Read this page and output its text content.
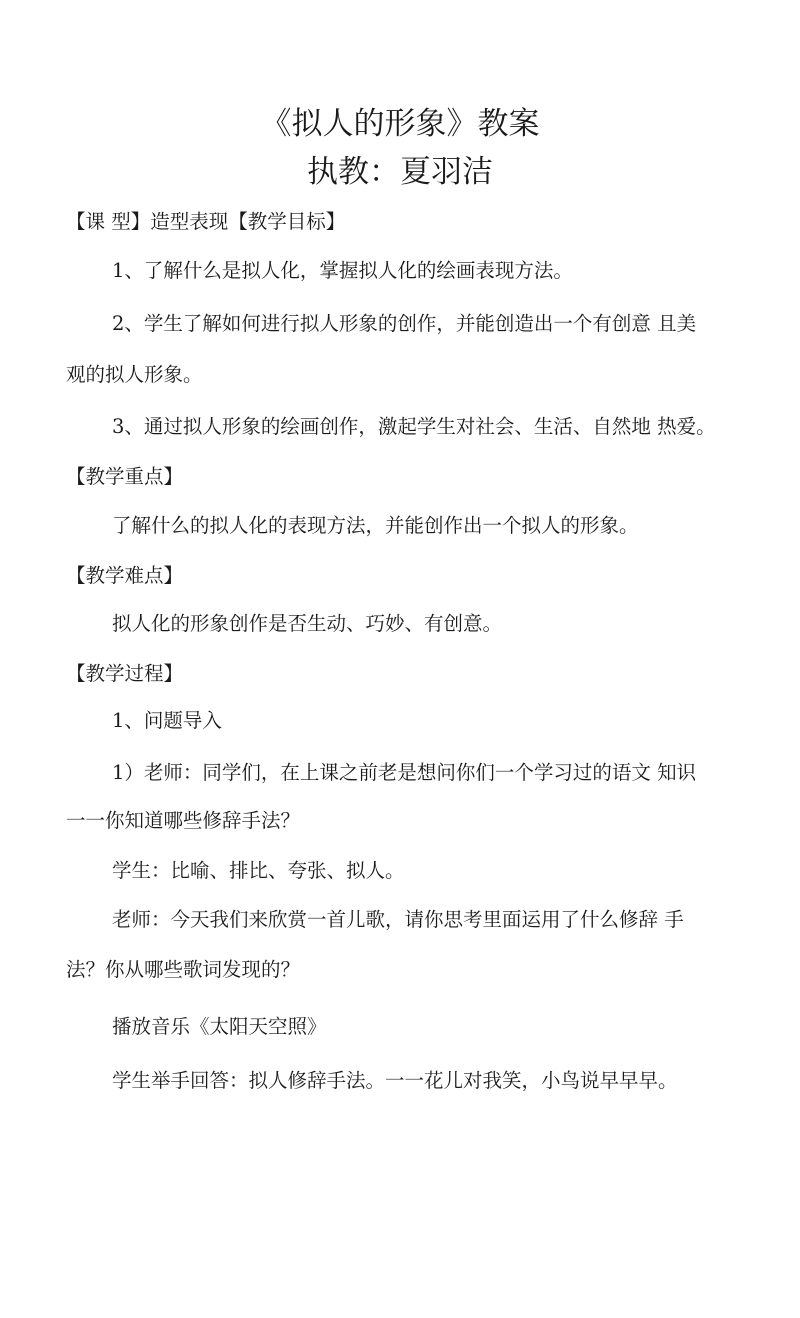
《拟人的形象》教案
执教：夏羽洁
【课 型】造型表现【教学目标】
1、了解什么是拟人化，掌握拟人化的绘画表现方法。
2、学生了解如何进行拟人形象的创作，并能创造出一个有创意 且美
观的拟人形象。
3、通过拟人形象的绘画创作，激起学生对社会、生活、自然地 热爱。
【教学重点】
了解什么的拟人化的表现方法，并能创作出一个拟人的形象。
【教学难点】
拟人化的形象创作是否生动、巧妙、有创意。
【教学过程】
1、问题导入
1）老师：同学们，在上课之前老是想问你们一个学习过的语文 知识
一一你知道哪些修辞手法？
学生：比喻、排比、夸张、拟人。
老师：今天我们来欣赏一首儿歌，请你思考里面运用了什么修辞 手
法？你从哪些歌词发现的？
播放音乐《太阳天空照》
学生举手回答：拟人修辞手法。一一花儿对我笑，小鸟说早早早。
